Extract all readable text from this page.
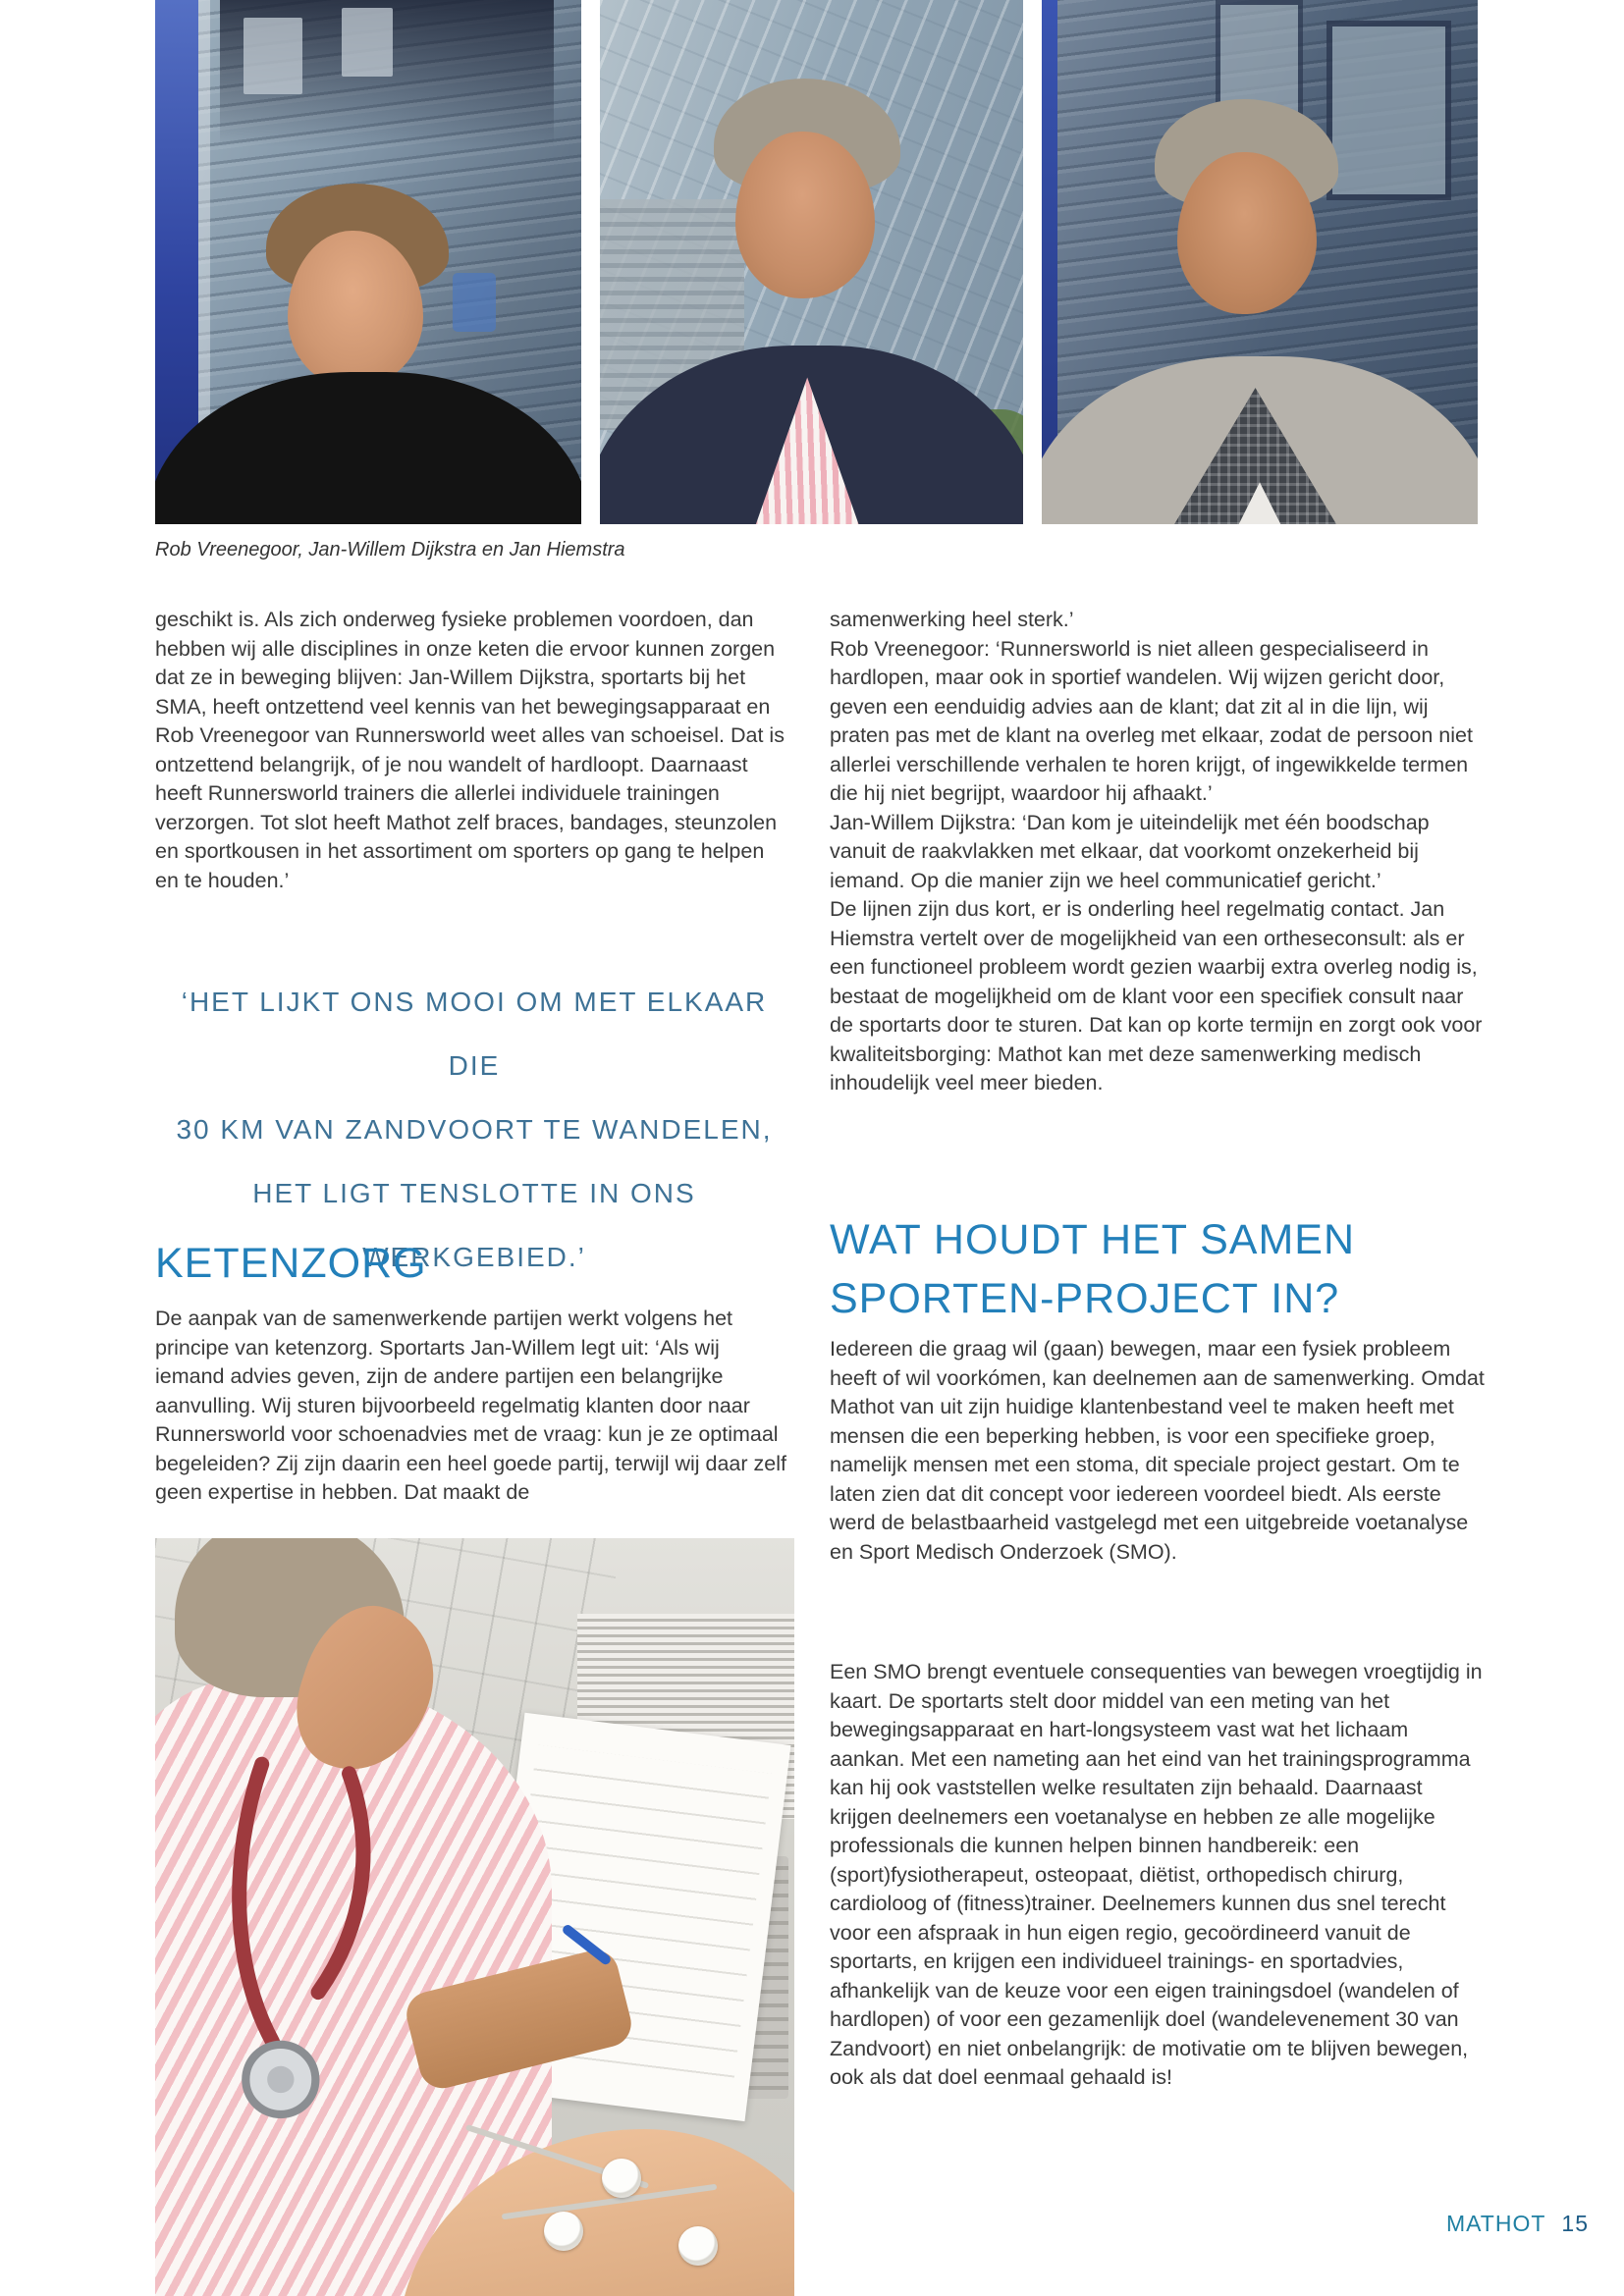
Rob Vreenegoor, Jan-Willem Dijkstra en Jan Hiemstra

geschikt is. Als zich onderweg fysieke problemen voordoen, dan hebben wij alle disciplines in onze keten die ervoor kunnen zorgen dat ze in beweging blijven: Jan-Willem Dijkstra, sportarts bij het SMA, heeft ontzettend veel kennis van het bewegingsapparaat en Rob Vreenegoor van Runnersworld weet alles van schoeisel. Dat is ontzettend belangrijk, of je nou wandelt of hardloopt. Daarnaast heeft Runnersworld trainers die allerlei individuele trainingen verzorgen. Tot slot heeft Mathot zelf braces, bandages, steunzolen en sportkousen in het assortiment om sporters op gang te helpen en te houden.’

‘HET LIJKT ONS MOOI OM MET ELKAAR DIE
30 KM VAN ZANDVOORT TE WANDELEN,
HET LIGT TENSLOTTE IN ONS WERKGEBIED.’
KETENZORG

De aanpak van de samenwerkende partijen werkt volgens het principe van ketenzorg. Sportarts Jan-Willem legt uit: ‘Als wij iemand advies geven, zijn de andere partijen een belangrijke aanvulling. Wij sturen bijvoorbeeld regelmatig klanten door naar Runnersworld voor schoenadvies met de vraag: kun je ze optimaal begeleiden? Zij zijn daarin een heel goede partij, terwijl wij daar zelf geen expertise in hebben. Dat maakt de

samenwerking heel sterk.’

Rob Vreenegoor: ‘Runnersworld is niet alleen gespecialiseerd in hardlopen, maar ook in sportief wandelen. Wij wijzen gericht door, geven een eenduidig advies aan de klant; dat zit al in die lijn, wij praten pas met de klant na overleg met elkaar, zodat de persoon niet allerlei verschillende verhalen te horen krijgt, of ingewikkelde termen die hij niet begrijpt, waardoor hij afhaakt.’

Jan-Willem Dijkstra: ‘Dan kom je uiteindelijk met één boodschap vanuit de raakvlakken met elkaar, dat voorkomt onzekerheid bij iemand. Op die manier zijn we heel communicatief gericht.’

De lijnen zijn dus kort, er is onderling heel regelmatig contact. Jan Hiemstra vertelt over de mogelijkheid van een ortheseconsult: als er een functioneel probleem wordt gezien waarbij extra overleg nodig is, bestaat de mogelijkheid om de klant voor een specifiek consult naar de sportarts door te sturen. Dat kan op korte termijn en zorgt ook voor kwaliteitsborging: Mathot kan met deze samenwerking medisch inhoudelijk veel meer bieden.

WAT HOUDT HET SAMEN
SPORTEN-PROJECT IN?

Iedereen die graag wil (gaan) bewegen, maar een fysiek probleem heeft of wil voorkómen, kan deelnemen aan de samenwerking. Omdat Mathot van uit zijn huidige klantenbestand veel te maken heeft met mensen die een beperking hebben, is voor een specifieke groep, namelijk mensen met een stoma, dit speciale project gestart. Om te laten zien dat dit concept voor iedereen voordeel biedt. Als eerste werd de belastbaarheid vastgelegd met een uitgebreide voetanalyse en Sport Medisch Onderzoek (SMO).

Een SMO brengt eventuele consequenties van bewegen vroegtijdig in kaart. De sportarts stelt door middel van een meting van het bewegingsapparaat en hart-longsysteem vast wat het lichaam aankan. Met een nameting aan het eind van het trainingsprogramma kan hij ook vaststellen welke resultaten zijn behaald. Daarnaast krijgen deelnemers een voetanalyse en hebben ze alle mogelijke professionals die kunnen helpen binnen handbereik: een (sport)fysiotherapeut, osteopaat, diëtist, orthopedisch chirurg, cardioloog of (fitness)trainer. Deelnemers kunnen dus snel terecht voor een afspraak in hun eigen regio, gecoördineerd vanuit de sportarts, en krijgen een individueel trainings- en sportadvies, afhankelijk van de keuze voor een eigen trainingsdoel (wandelen of hardlopen) of voor een gezamenlijk doel (wandelevenement 30 van Zandvoort) en niet onbelangrijk: de motivatie om te blijven bewegen, ook als dat doel eenmaal gehaald is!

MATHOT 15
